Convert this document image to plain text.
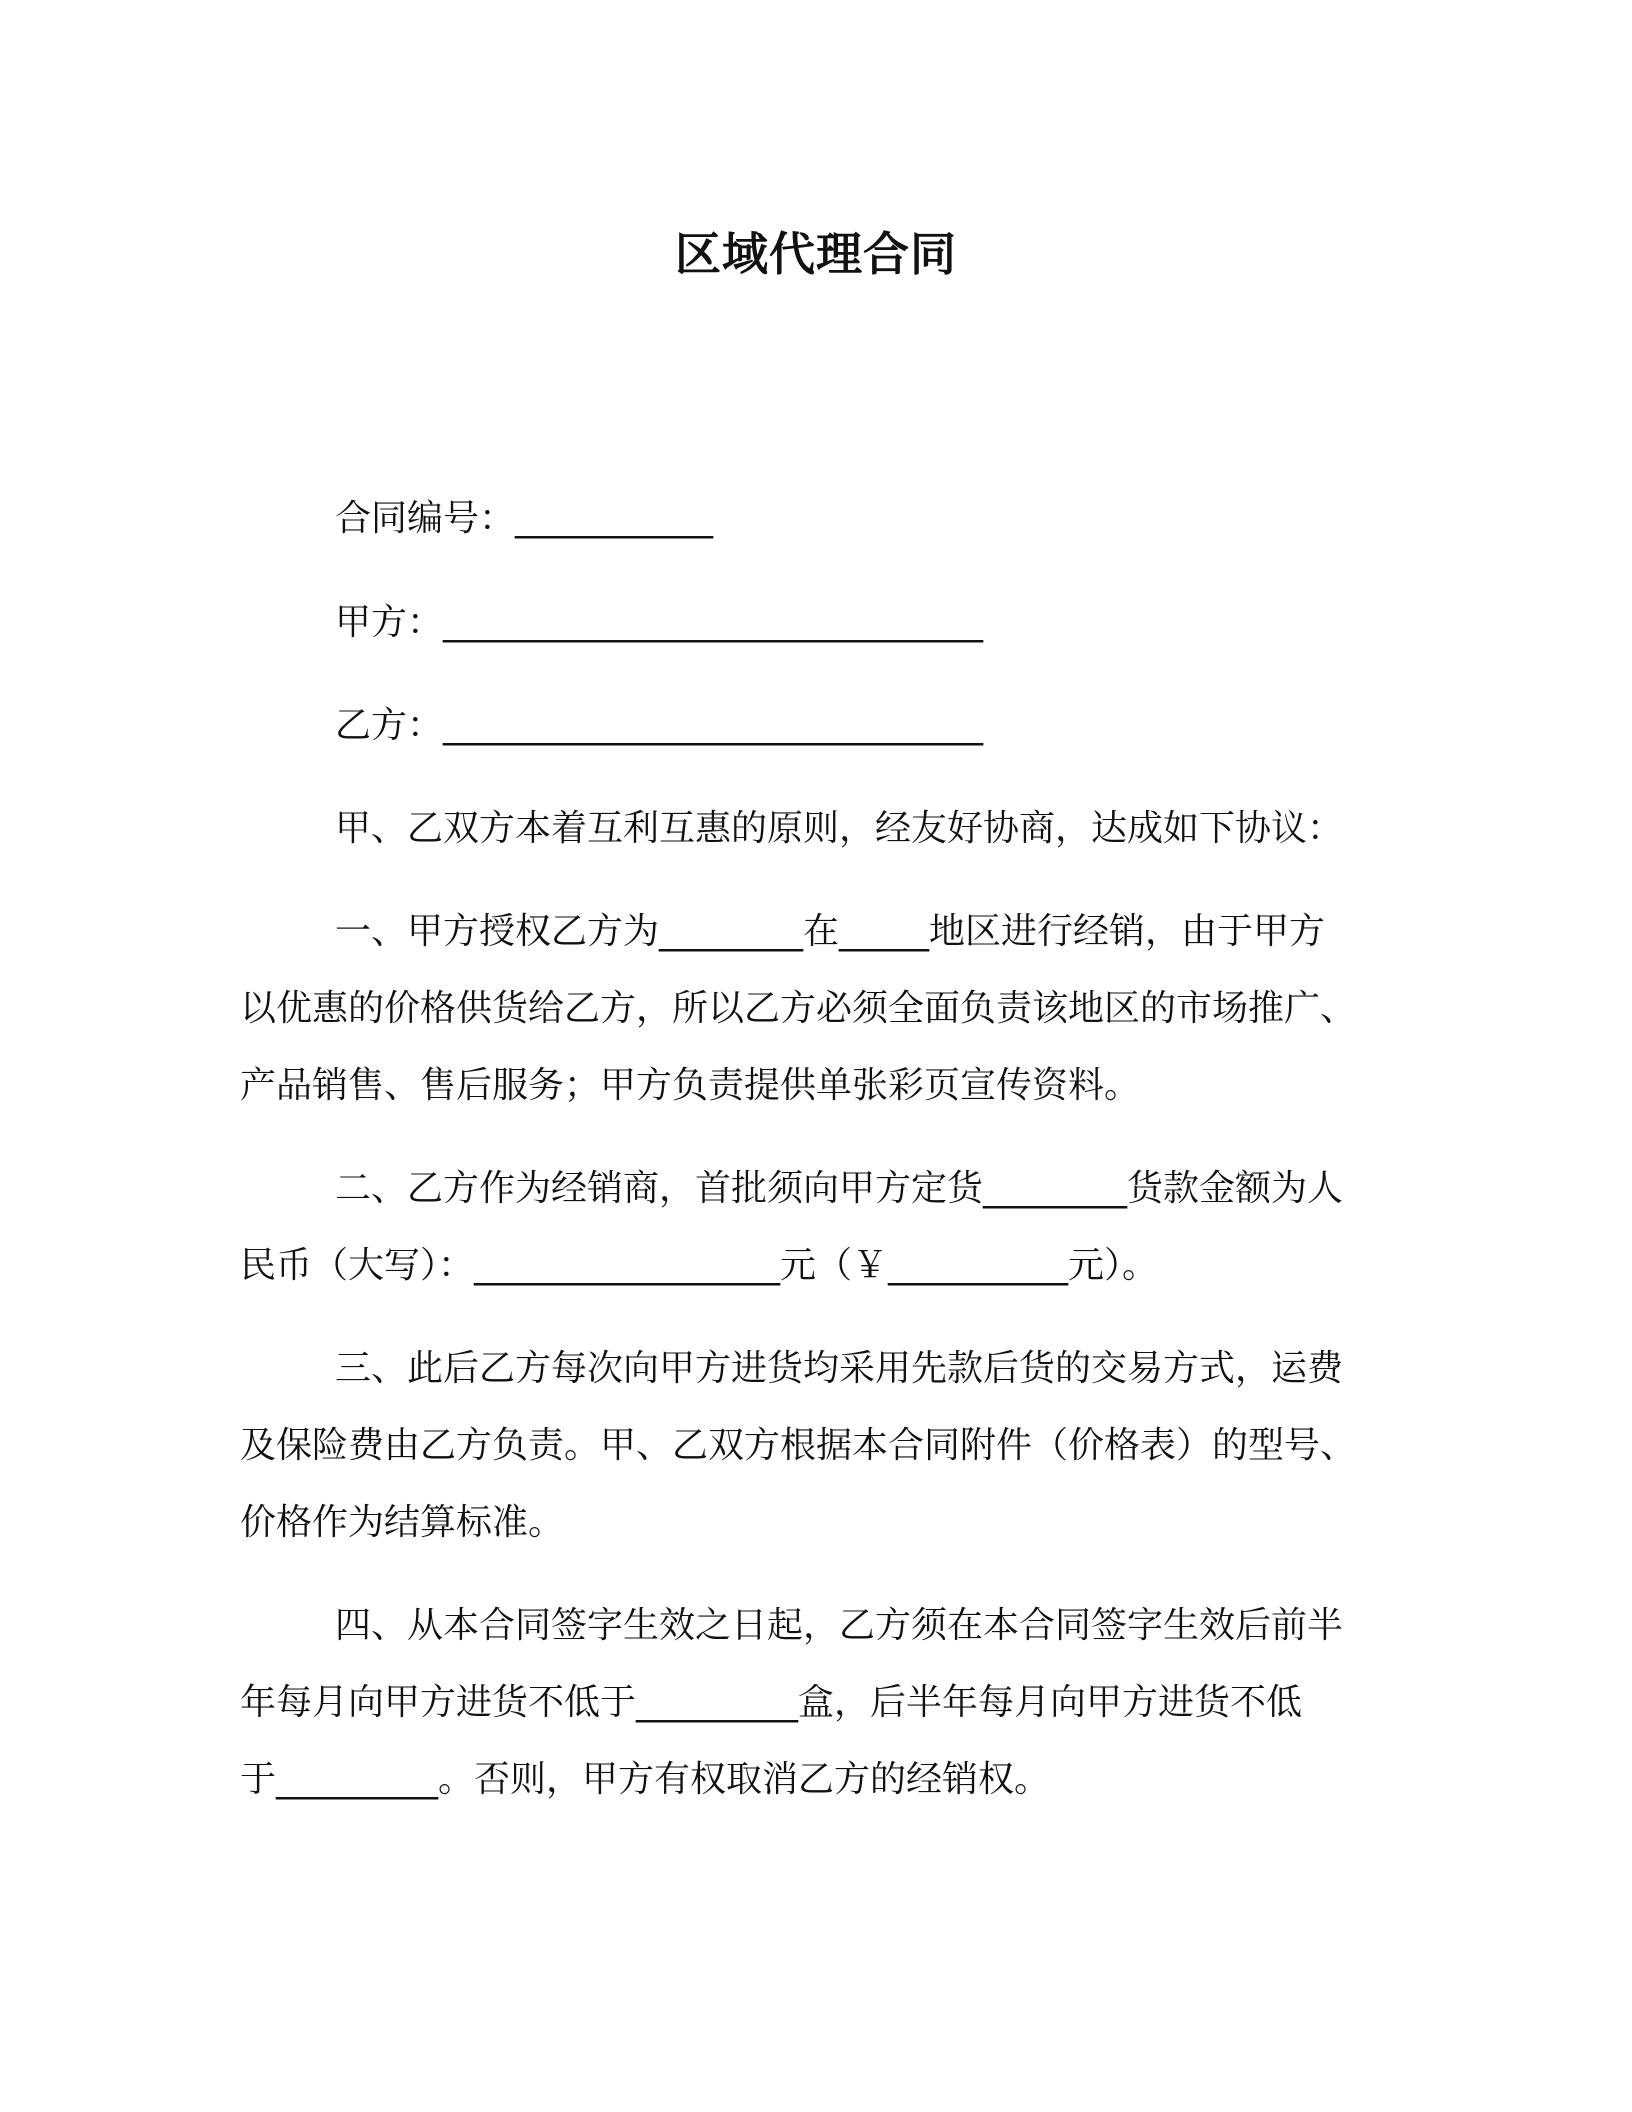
区域代理合同
合同编号：___________
甲方：______________________________
乙方：______________________________
甲、乙双方本着互利互惠的原则，经友好协商，达成如下协议：
一、甲方授权乙方为________在_____地区进行经销，由于甲方
以优惠的价格供货给乙方，所以乙方必须全面负责该地区的市场推广、
产品销售、售后服务；甲方负责提供单张彩页宣传资料。
二、乙方作为经销商，首批须向甲方定货________货款金额为人
民币（大写）：_________________元（￥__________元）。
三、此后乙方每次向甲方进货均采用先款后货的交易方式，运费
及保险费由乙方负责。甲、乙双方根据本合同附件（价格表）的型号、
价格作为结算标准。
四、从本合同签字生效之日起，乙方须在本合同签字生效后前半
年每月向甲方进货不低于_________盒，后半年每月向甲方进货不低
于_________。否则，甲方有权取消乙方的经销权。
